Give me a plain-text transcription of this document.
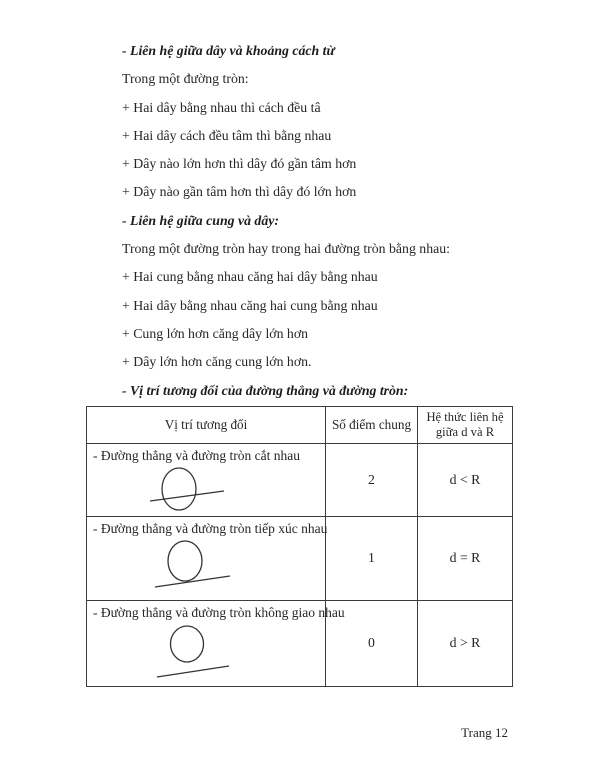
- Liên hệ giữa dây và khoảng cách từ

Trong một đường tròn:

+ Hai dây bằng nhau thì cách đều tâ

+ Hai dây cách đều tâm thì bằng nhau

+ Dây nào lớn hơn thì dây đó gần tâm hơn

+ Dây nào gần tâm hơn thì dây đó lớn hơn

- Liên hệ giữa cung và dây:

Trong một đường tròn hay trong hai đường tròn bằng nhau:

+ Hai cung bằng nhau căng hai dây bằng nhau

+ Hai dây bằng nhau căng hai cung bằng nhau

+ Cung lớn hơn căng dây lớn hơn

+ Dây lớn hơn căng cung lớn hơn.

- Vị trí tương đối của đường thẳng và đường tròn:

Vị trí tương đối	Số điểm chung	Hệ thức liên hệ
giữa d và R

- Đường thẳng và đường tròn cắt nhau	2	d < R

- Đường thẳng và đường tròn tiếp xúc nhau	1	d = R

- Đường thẳng và đường tròn không giao nhau	0	d > R
Trang 12
